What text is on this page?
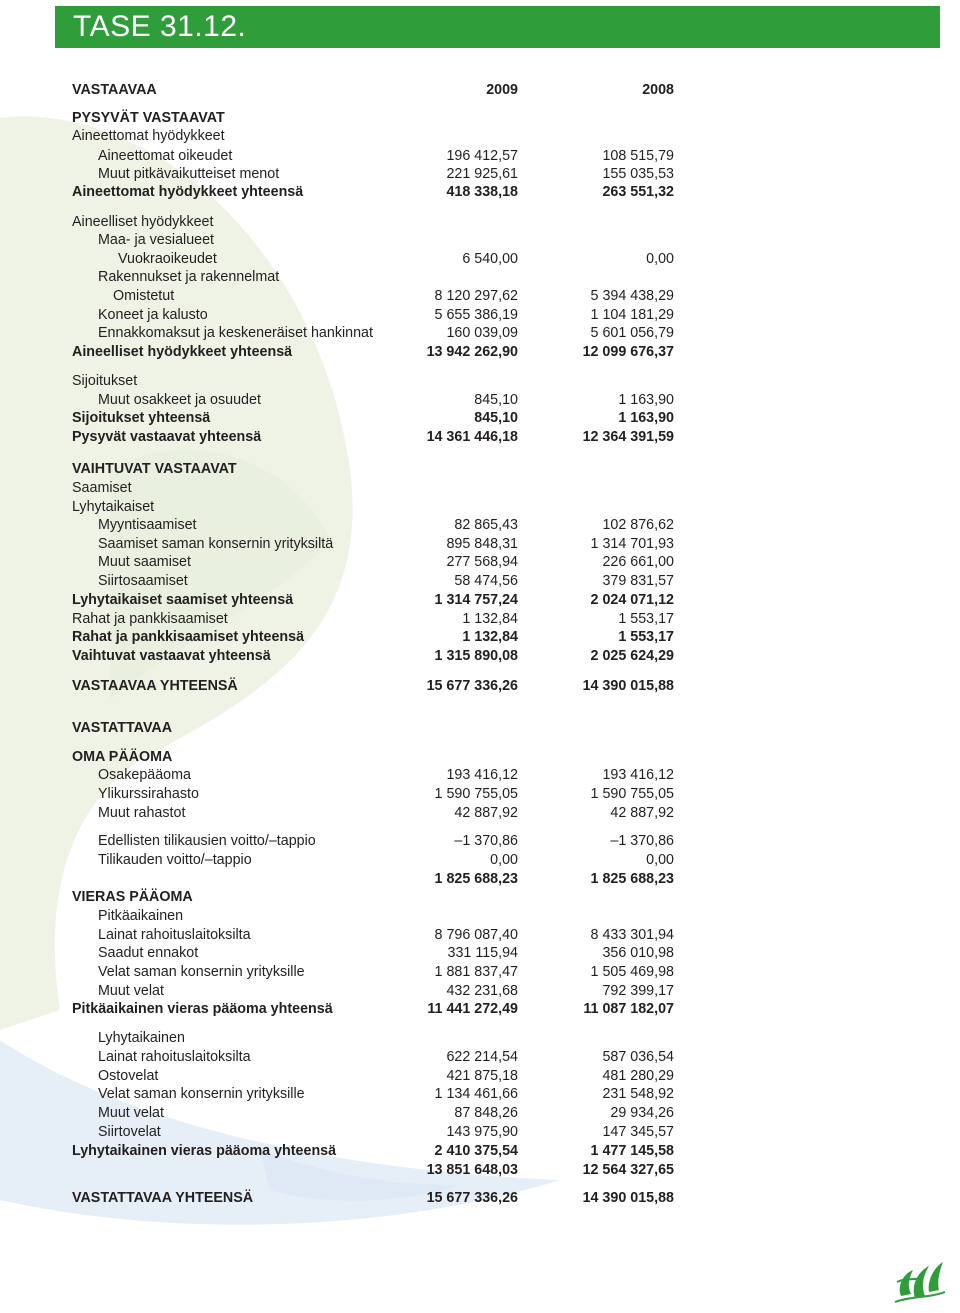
TASE 31.12.
VASTAAVAA	2009	2008
PYSYVÄT VASTAAVAT
Aineettomat hyödykkeet
Aineettomat oikeudet	196 412,57	108 515,79
Muut pitkävaikutteiset menot	221 925,61	155 035,53
Aineettomat hyödykkeet yhteensä	418 338,18	263 551,32
Aineelliset hyödykkeet
Maa- ja vesialueet
Vuokraoikeudet	6 540,00	0,00
Rakennukset ja rakennelmat
Omistetut	8 120 297,62	5 394 438,29
Koneet ja kalusto	5 655 386,19	1 104 181,29
Ennakkomaksut ja keskeneräiset hankinnat	160 039,09	5 601 056,79
Aineelliset hyödykkeet yhteensä	13 942 262,90	12 099 676,37
Sijoitukset
Muut osakkeet ja osuudet	845,10	1 163,90
Sijoitukset yhteensä	845,10	1 163,90
Pysyvät vastaavat yhteensä	14 361 446,18	12 364 391,59
VAIHTUVAT VASTAAVAT
Saamiset
Lyhytaikaiset
Myyntisaamiset	82 865,43	102 876,62
Saamiset saman konsernin yrityksiltä	895 848,31	1 314 701,93
Muut saamiset	277 568,94	226 661,00
Siirtosaamiset	58 474,56	379 831,57
Lyhytaikaiset saamiset yhteensä	1 314 757,24	2 024 071,12
Rahat ja pankkisaamiset	1 132,84	1 553,17
Rahat ja pankkisaamiset yhteensä	1 132,84	1 553,17
Vaihtuvat vastaavat yhteensä	1 315 890,08	2 025 624,29
VASTAAVAA YHTEENSÄ	15 677 336,26	14 390 015,88
VASTATTAVAA
OMA PÄÄOMA
Osakepääoma	193 416,12	193 416,12
Ylikurssirahasto	1 590 755,05	1 590 755,05
Muut rahastot	42 887,92	42 887,92
Edellisten tilikausien voitto/–tappio	–1 370,86	–1 370,86
Tilikauden voitto/–tappio	0,00	0,00
1 825 688,23	1 825 688,23
VIERAS PÄÄOMA
Pitkäaikainen
Lainat rahoituslaitoksilta	8 796 087,40	8 433 301,94
Saadut ennakot	331 115,94	356 010,98
Velat saman konsernin yrityksille	1 881 837,47	1 505 469,98
Muut velat	432 231,68	792 399,17
Pitkäaikainen vieras pääoma yhteensä	11 441 272,49	11 087 182,07
Lyhytaikainen
Lainat rahoituslaitoksilta	622 214,54	587 036,54
Ostovelat	421 875,18	481 280,29
Velat saman konsernin yrityksille	1 134 461,66	231 548,92
Muut velat	87 848,26	29 934,26
Siirtovelat	143 975,90	147 345,57
Lyhytaikainen vieras pääoma yhteensä	2 410 375,54	1 477 145,58
13 851 648,03	12 564 327,65
VASTATTAVAA YHTEENSÄ	15 677 336,26	14 390 015,88
